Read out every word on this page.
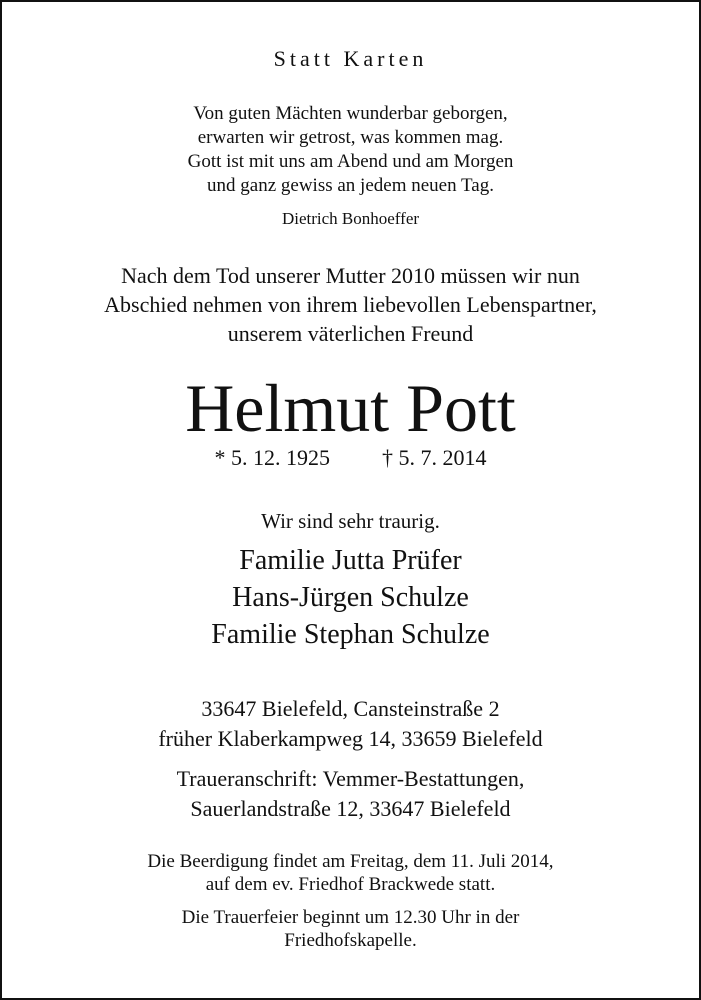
Statt Karten
Von guten Mächten wunderbar geborgen,
erwarten wir getrost, was kommen mag.
Gott ist mit uns am Abend und am Morgen
und ganz gewiss an jedem neuen Tag.
Dietrich Bonhoeffer
Nach dem Tod unserer Mutter 2010 müssen wir nun
Abschied nehmen von ihrem liebevollen Lebenspartner,
unserem väterlichen Freund
Helmut Pott
* 5. 12. 1925 † 5. 7. 2014
Wir sind sehr traurig.
Familie Jutta Prüfer
Hans-Jürgen Schulze
Familie Stephan Schulze
33647 Bielefeld, Cansteinstraße 2
früher Klaberkampweg 14, 33659 Bielefeld
Traueranschrift: Vemmer-Bestattungen,
Sauerlandstraße 12, 33647 Bielefeld
Die Beerdigung findet am Freitag, dem 11. Juli 2014,
auf dem ev. Friedhof Brackwede statt.
Die Trauerfeier beginnt um 12.30 Uhr in der
Friedhofskapelle.
